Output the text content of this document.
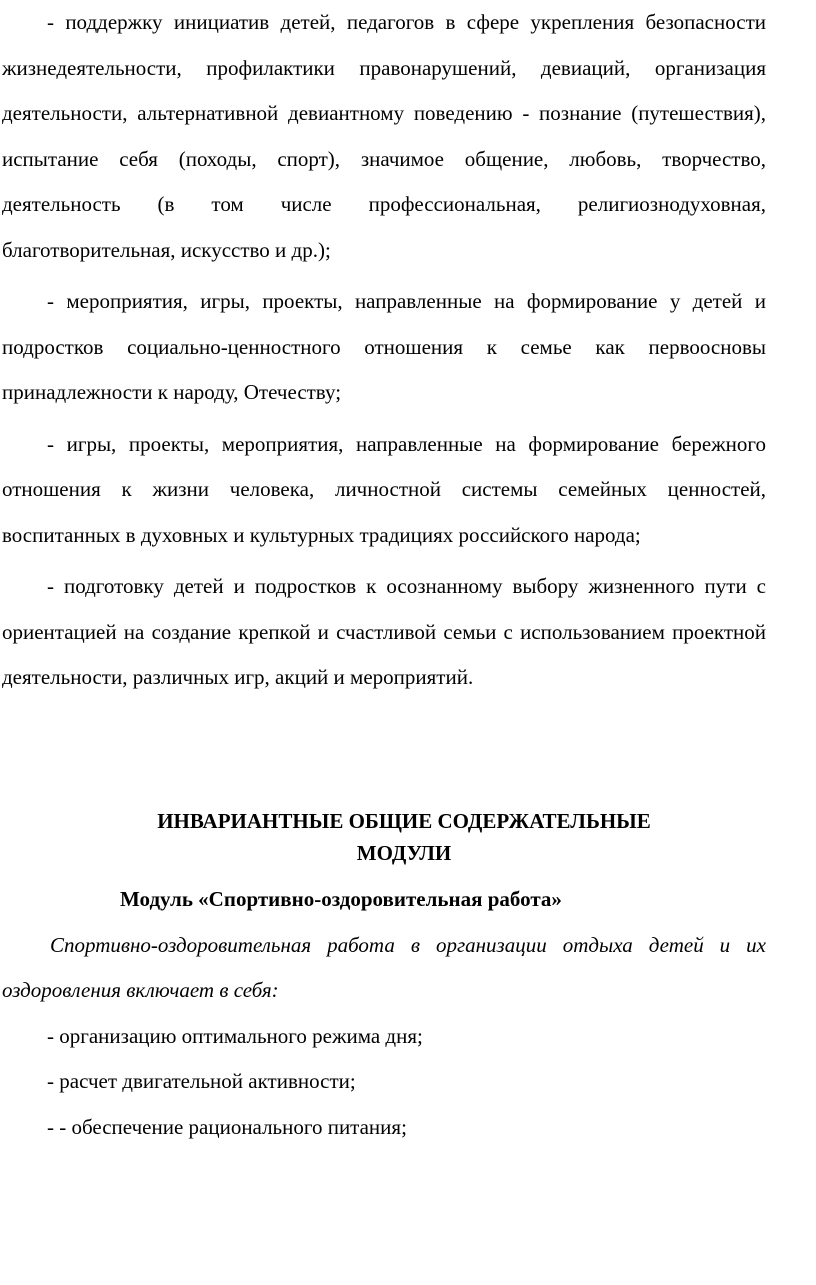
- поддержку инициатив детей, педагогов в сфере укрепления безопасности жизнедеятельности, профилактики правонарушений, девиаций, организация деятельности, альтернативной девиантному поведению - познание (путешествия), испытание себя (походы, спорт), значимое общение, любовь, творчество, деятельность (в том числе профессиональная, религиознодуховная, благотворительная, искусство и др.);

- мероприятия, игры, проекты, направленные на формирование у детей и подростков социально-ценностного отношения к семье как первоосновы принадлежности к народу, Отечеству;

- игры, проекты, мероприятия, направленные на формирование бережного отношения к жизни человека, личностной системы семейных ценностей, воспитанных в духовных и культурных традициях российского народа;

- подготовку детей и подростков к осознанному выбору жизненного пути с ориентацией на создание крепкой и счастливой семьи с использованием проектной деятельности, различных игр, акций и мероприятий.

ИНВАРИАНТНЫЕ ОБЩИЕ СОДЕРЖАТЕЛЬНЫЕ

МОДУЛИ

Модуль «Спортивно-оздоровительная работа»

Спортивно-оздоровительная работа в организации отдыха детей и их оздоровления включает в себя:

- организацию оптимального режима дня;

- расчет двигательной активности;

- - обеспечение рационального питания;
